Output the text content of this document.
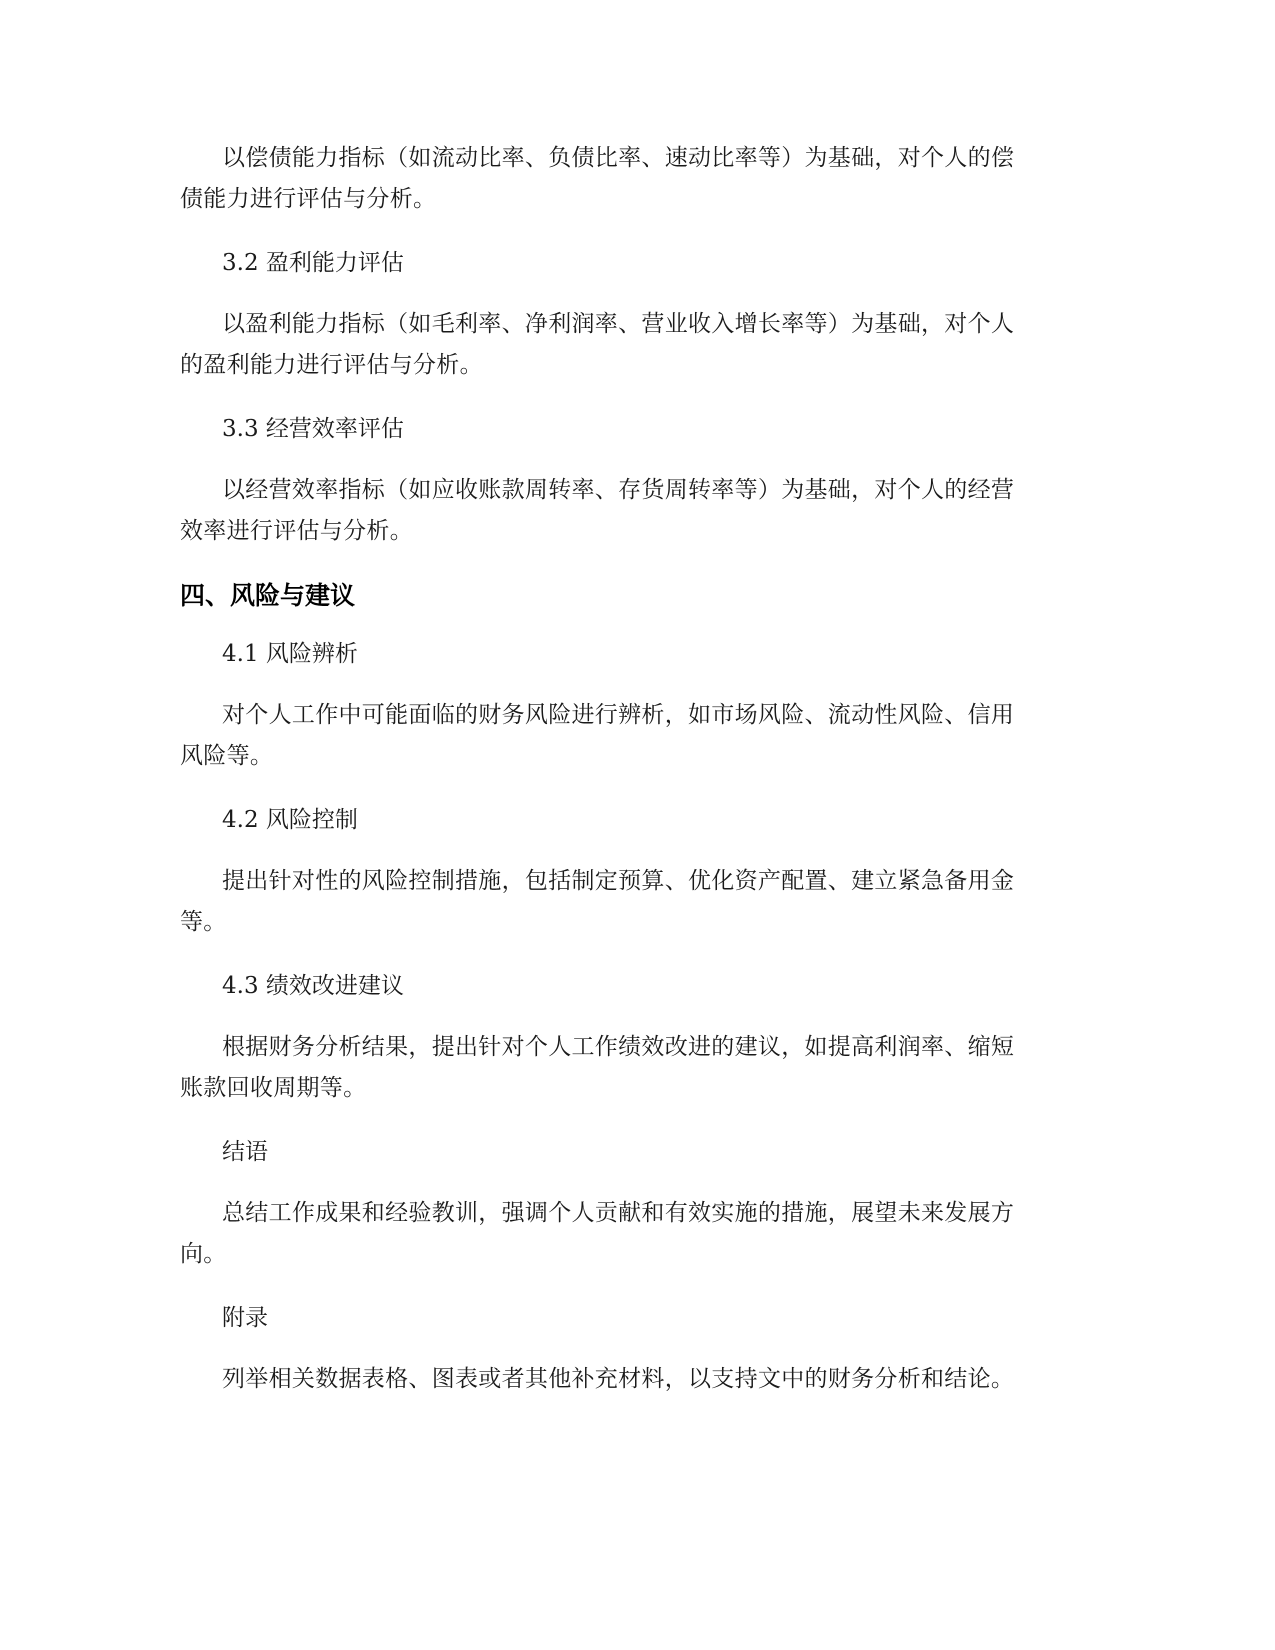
以偿债能力指标（如流动比率、负债比率、速动比率等）为基础，对个人的偿债能力进行评估与分析。

3.2 盈利能力评估

以盈利能力指标（如毛利率、净利润率、营业收入增长率等）为基础，对个人的盈利能力进行评估与分析。

3.3 经营效率评估

以经营效率指标（如应收账款周转率、存货周转率等）为基础，对个人的经营效率进行评估与分析。

四、风险与建议

4.1 风险辨析

对个人工作中可能面临的财务风险进行辨析，如市场风险、流动性风险、信用风险等。

4.2 风险控制

提出针对性的风险控制措施，包括制定预算、优化资产配置、建立紧急备用金等。

4.3 绩效改进建议

根据财务分析结果，提出针对个人工作绩效改进的建议，如提高利润率、缩短账款回收周期等。

结语

总结工作成果和经验教训，强调个人贡献和有效实施的措施，展望未来发展方向。

附录

列举相关数据表格、图表或者其他补充材料，以支持文中的财务分析和结论。
